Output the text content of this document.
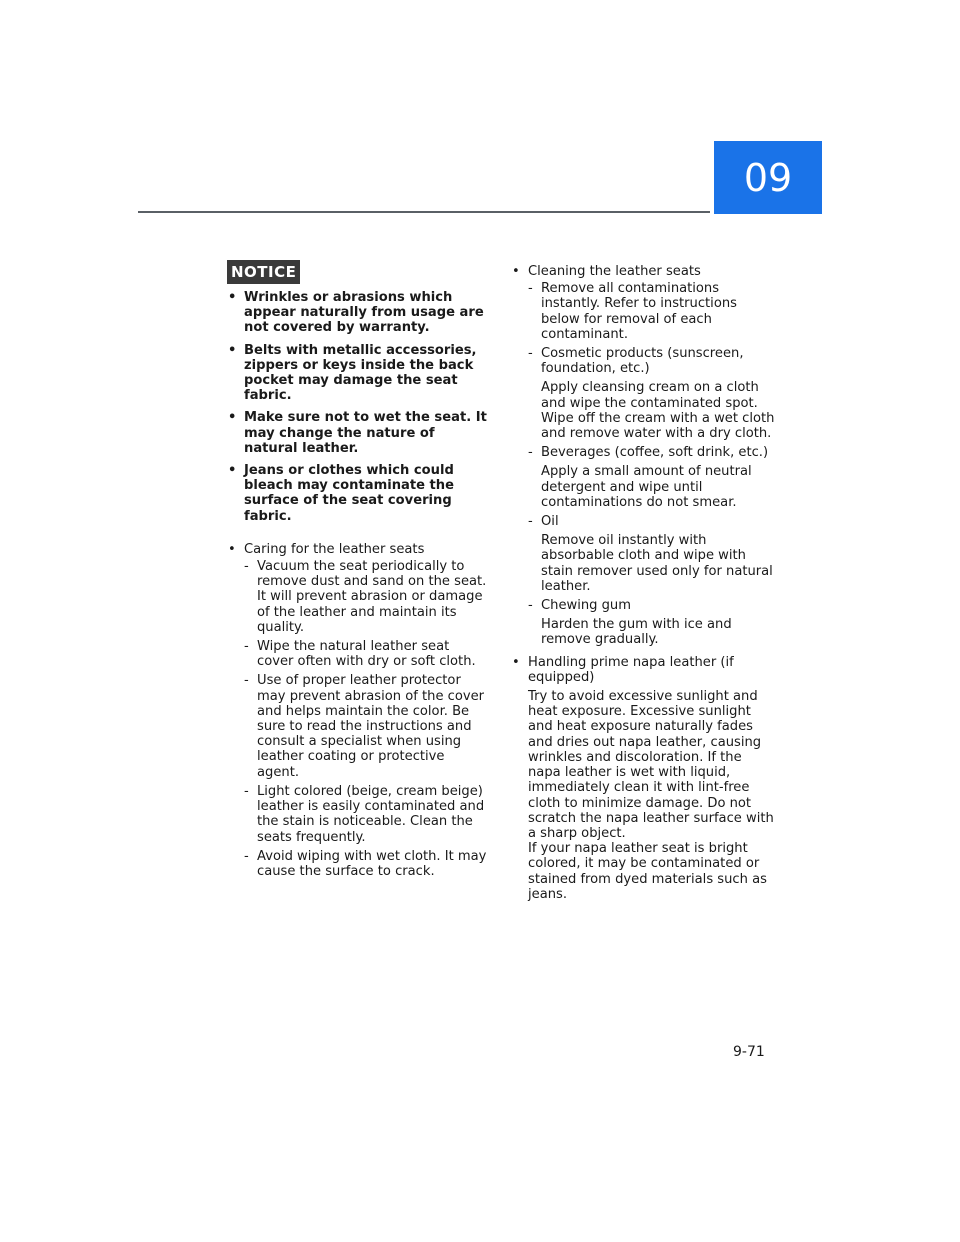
09
NOTICE
• Wrinkles or abrasions which appear naturally from usage are not covered by warranty.
• Belts with metallic accessories, zippers or keys inside the back pocket may damage the seat fabric.
• Make sure not to wet the seat. It may change the nature of natural leather.
• Jeans or clothes which could bleach may contaminate the surface of the seat covering fabric.
• Caring for the leather seats
- Vacuum the seat periodically to remove dust and sand on the seat. It will prevent abrasion or damage of the leather and maintain its quality.
- Wipe the natural leather seat cover often with dry or soft cloth.
- Use of proper leather protector may prevent abrasion of the cover and helps maintain the color. Be sure to read the instructions and consult a specialist when using leather coating or protective agent.
- Light colored (beige, cream beige) leather is easily contaminated and the stain is noticeable. Clean the seats frequently.
- Avoid wiping with wet cloth. It may cause the surface to crack.
• Cleaning the leather seats
- Remove all contaminations instantly. Refer to instructions below for removal of each contaminant.
- Cosmetic products (sunscreen, foundation, etc.)
Apply cleansing cream on a cloth and wipe the contaminated spot. Wipe off the cream with a wet cloth and remove water with a dry cloth.
- Beverages (coffee, soft drink, etc.)
Apply a small amount of neutral detergent and wipe until contaminations do not smear.
- Oil
Remove oil instantly with absorbable cloth and wipe with stain remover used only for natural leather.
- Chewing gum
Harden the gum with ice and remove gradually.
• Handling prime napa leather (if equipped)
Try to avoid excessive sunlight and heat exposure. Excessive sunlight and heat exposure naturally fades and dries out napa leather, causing wrinkles and discoloration. If the napa leather is wet with liquid, immediately clean it with lint-free cloth to minimize damage. Do not scratch the napa leather surface with a sharp object.
If your napa leather seat is bright colored, it may be contaminated or stained from dyed materials such as jeans.
9-71
